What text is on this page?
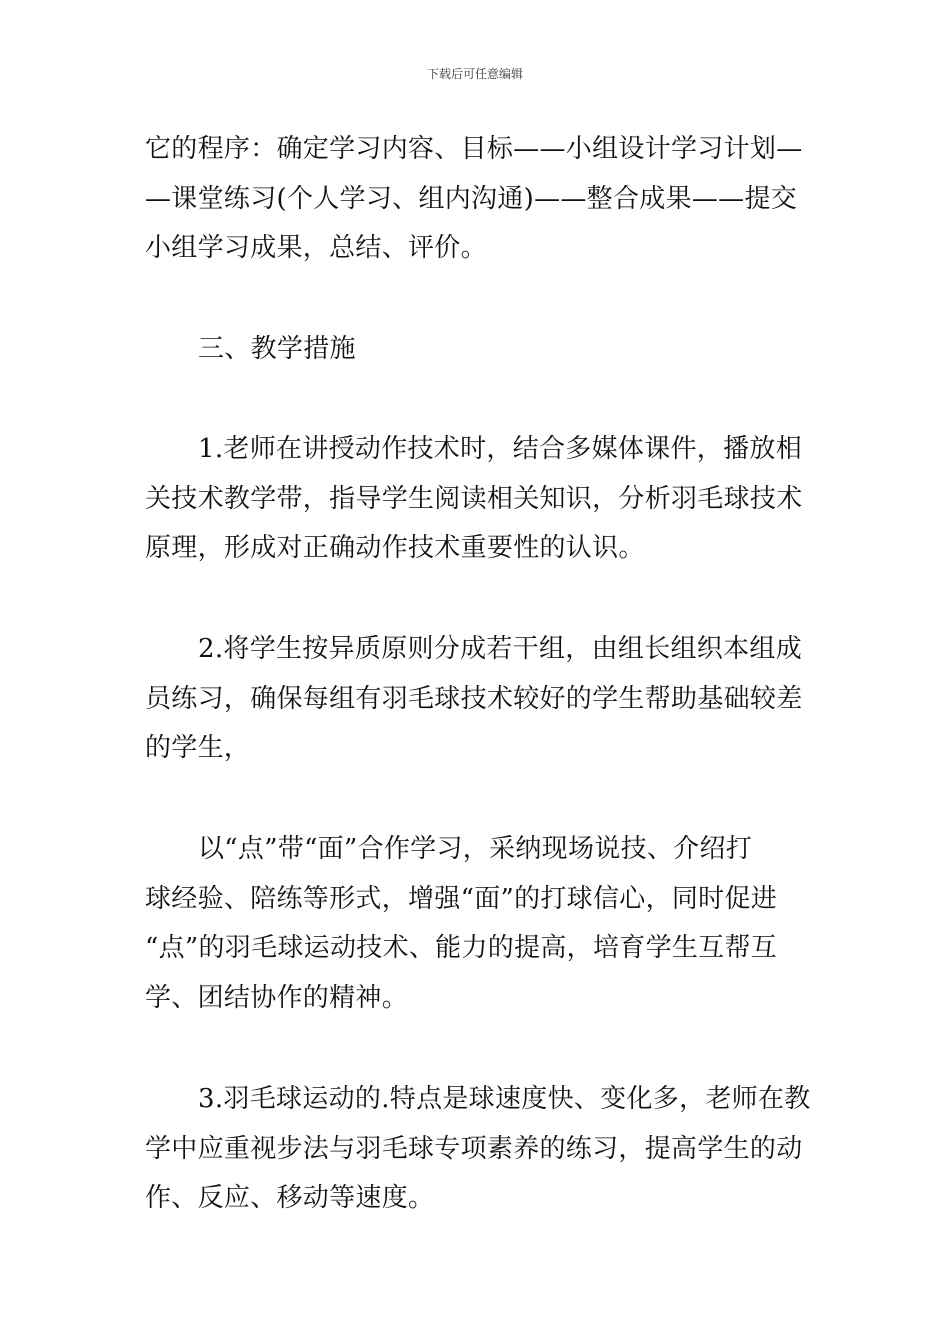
下载后可任意编辑
它的程序：确定学习内容、目标——小组设计学习计划—
—课堂练习(个人学习、组内沟通)——整合成果——提交
小组学习成果，总结、评价。
三、教学措施
1.老师在讲授动作技术时，结合多媒体课件，播放相
关技术教学带，指导学生阅读相关知识，分析羽毛球技术
原理，形成对正确动作技术重要性的认识。
2.将学生按异质原则分成若干组，由组长组织本组成
员练习，确保每组有羽毛球技术较好的学生帮助基础较差
的学生，
以“点”带“面”合作学习，采纳现场说技、介绍打
球经验、陪练等形式，增强“面”的打球信心，同时促进
“点”的羽毛球运动技术、能力的提高，培育学生互帮互
学、团结协作的精神。
3.羽毛球运动的.特点是球速度快、变化多，老师在教
学中应重视步法与羽毛球专项素养的练习，提高学生的动
作、反应、移动等速度。
